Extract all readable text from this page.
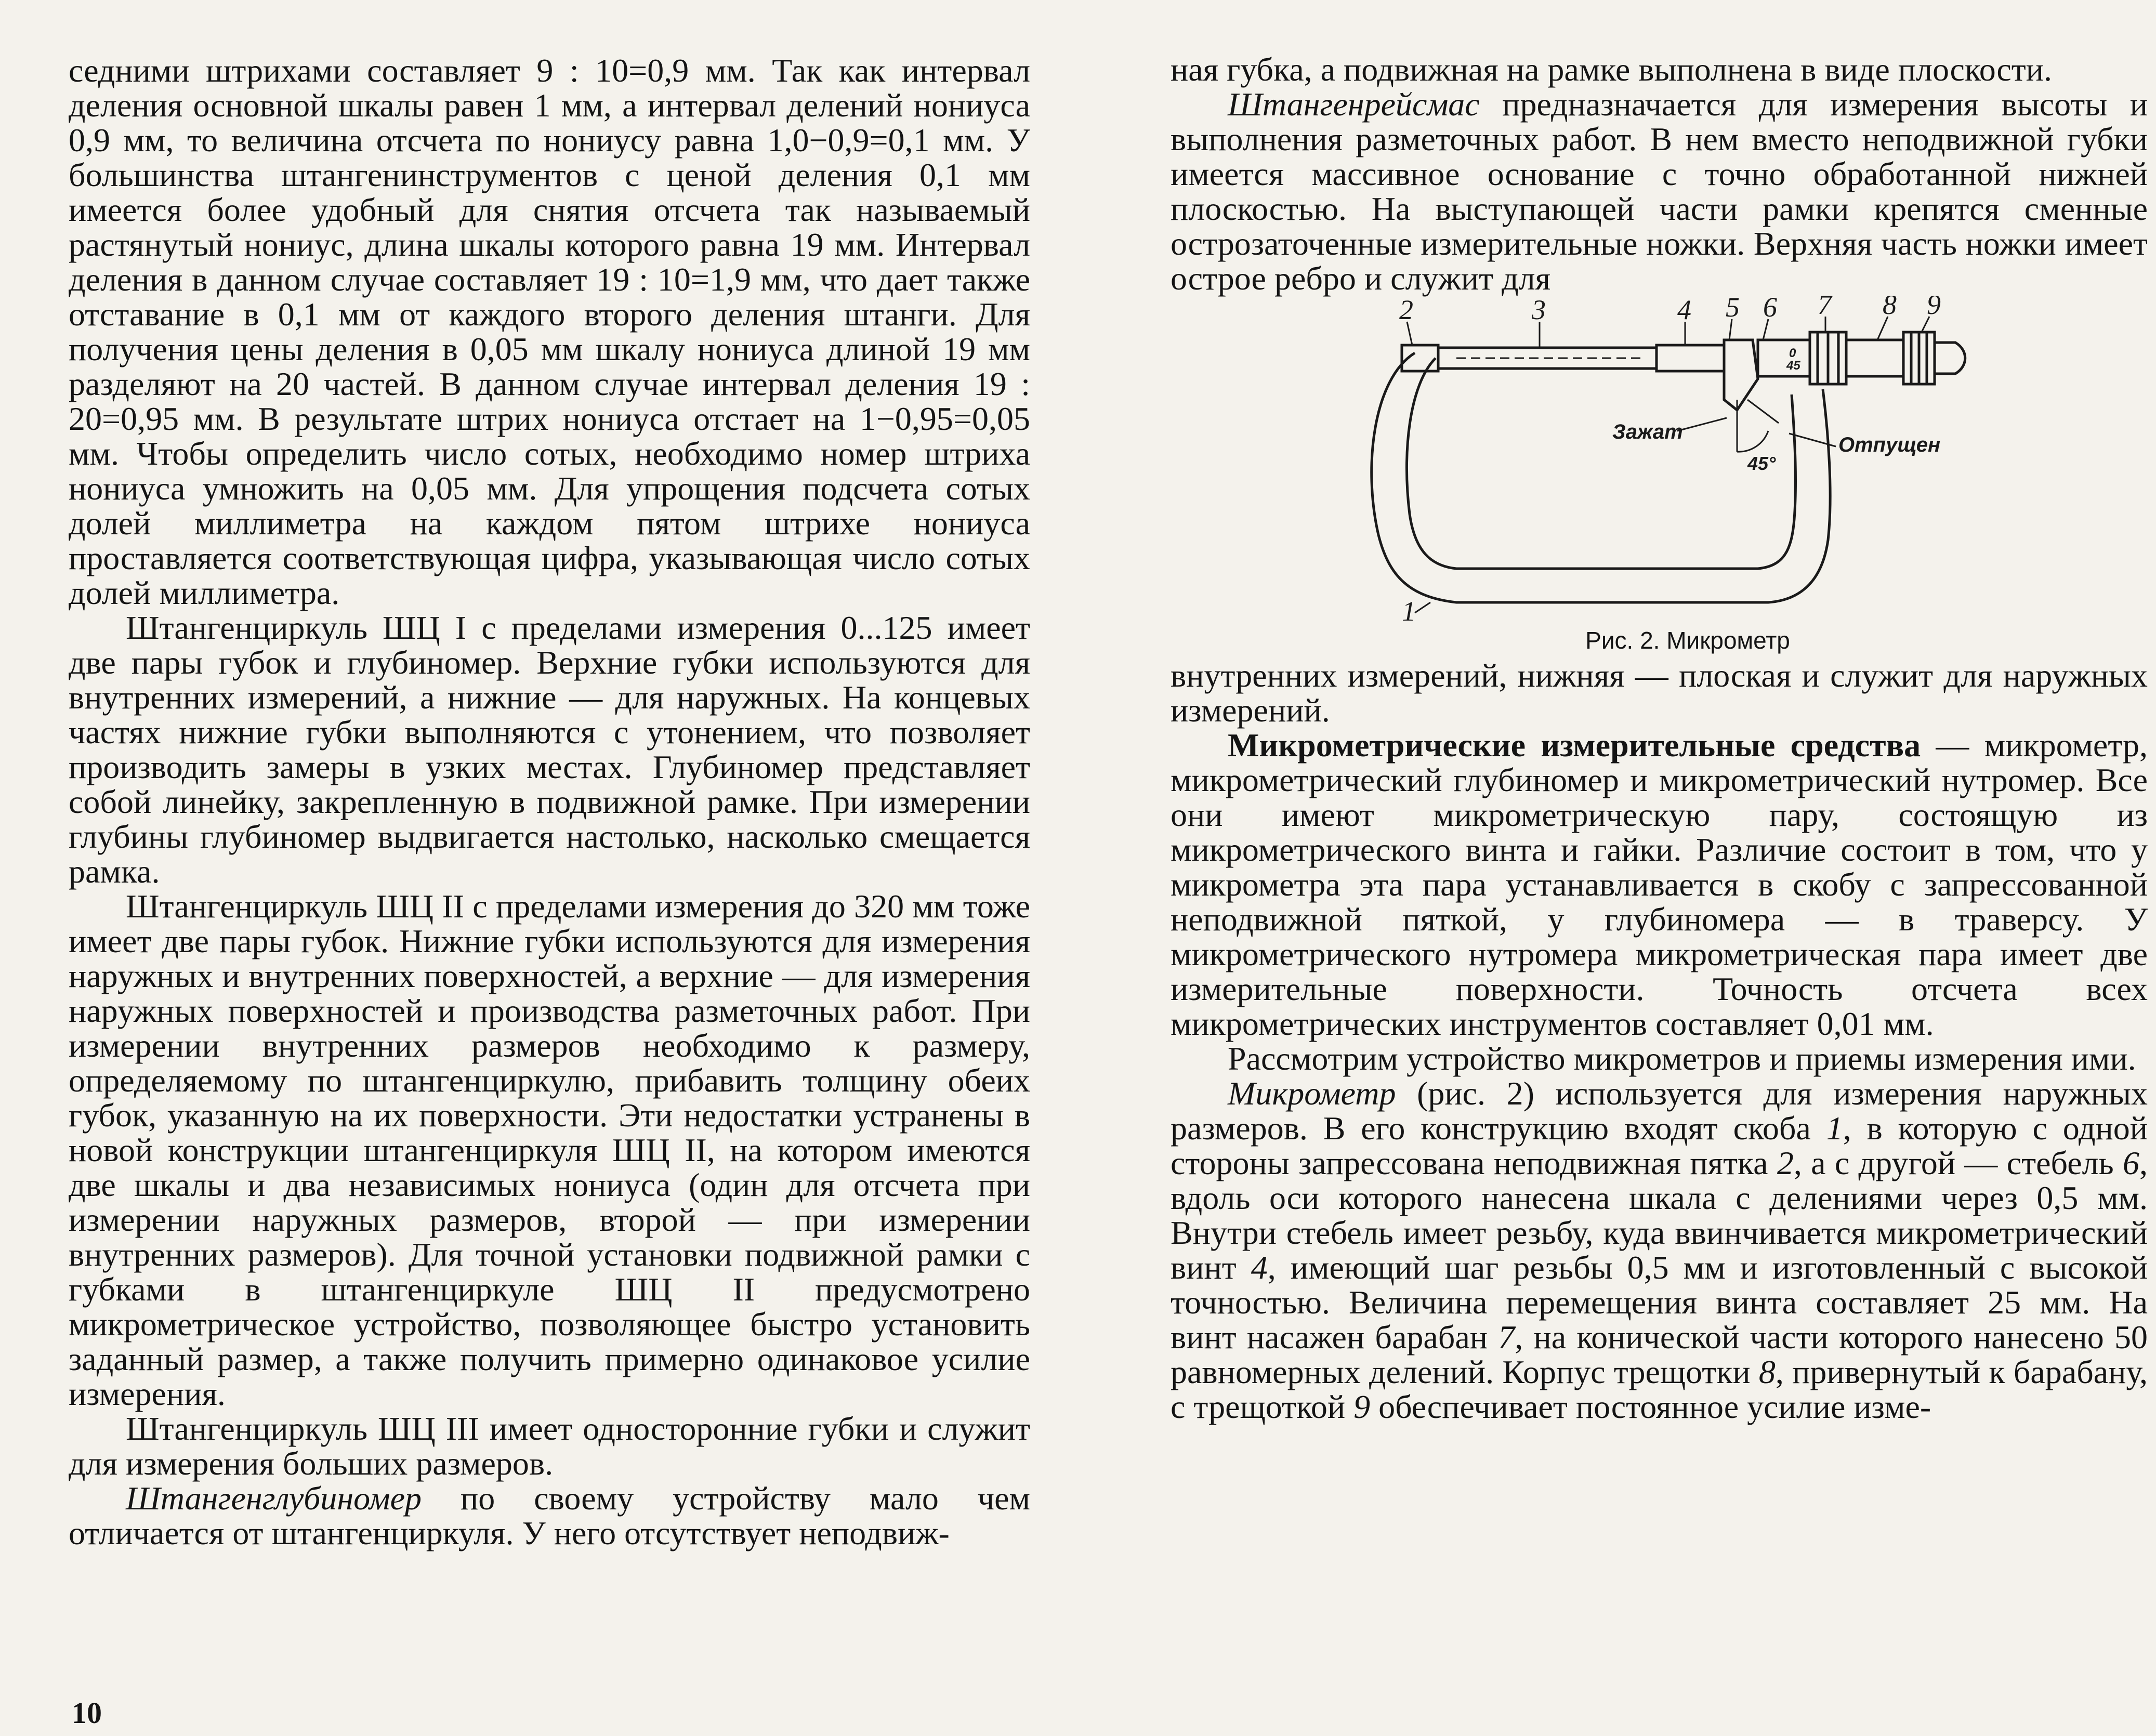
седними штрихами составляет 9 : 10=0,9 мм. Так как интервал деления основной шкалы равен 1 мм, а интервал делений нониуса 0,9 мм, то величина отсчета по нониусу равна 1,0−0,9=0,1 мм. У большинства штангенинструментов с ценой деления 0,1 мм имеется более удобный для снятия отсчета так называемый растянутый нониус, длина шкалы которого равна 19 мм. Интервал деления в данном случае составляет 19 : 10=1,9 мм, что дает также отставание в 0,1 мм от каждого второго деления штанги. Для получения цены деления в 0,05 мм шкалу нониуса длиной 19 мм разделяют на 20 частей. В данном случае интервал деления 19 : 20=0,95 мм. В результате штрих нониуса отстает на 1−0,95=0,05 мм. Чтобы определить число сотых, необходимо номер штриха нониуса умножить на 0,05 мм. Для упрощения подсчета сотых долей миллиметра на каждом пятом штрихе нониуса проставляется соответствующая цифра, указывающая число сотых долей миллиметра.

Штангенциркуль ШЦ I с пределами измерения 0...125 имеет две пары губок и глубиномер. Верхние губки используются для внутренних измерений, а нижние — для наружных. На концевых частях нижние губки выполняются с утонением, что позволяет производить замеры в узких местах. Глубиномер представляет собой линейку, закрепленную в подвижной рамке. При измерении глубины глубиномер выдвигается настолько, насколько смещается рамка.

Штангенциркуль ШЦ II с пределами измерения до 320 мм тоже имеет две пары губок. Нижние губки используются для измерения наружных и внутренних поверхностей, а верхние — для измерения наружных поверхностей и производства разметочных работ. При измерении внутренних размеров необходимо к размеру, определяемому по штангенциркулю, прибавить толщину обеих губок, указанную на их поверхности. Эти недостатки устранены в новой конструкции штангенциркуля ШЦ II, на котором имеются две шкалы и два независимых нониуса (один для отсчета при измерении наружных размеров, второй — при измерении внутренних размеров). Для точной установки подвижной рамки с губками в штангенциркуле ШЦ II предусмотрено микрометрическое устройство, позволяющее быстро установить заданный размер, а также получить примерно одинаковое усилие измерения.

Штангенциркуль ШЦ III имеет односторонние губки и служит для измерения больших размеров.

Штангенглубиномер по своему устройству мало чем отличается от штангенциркуля. У него отсутствует неподвиж-

10

ная губка, а подвижная на рамке выполнена в виде плоскости.

Штангенрейсмас предназначается для измерения высоты и выполнения разметочных работ. В нем вместо неподвижной губки имеется массивное основание с точно обработанной нижней плоскостью. На выступающей части рамки крепятся сменные острозаточенные измерительные ножки. Верхняя часть ножки имеет острое ребро и служит для

2	3	4 5 6 7 8 9
1
Зажат
Отпущен
45°
0
45

Рис. 2. Микрометр

внутренних измерений, нижняя — плоская и служит для наружных измерений.

Микрометрические измерительные средства — микрометр, микрометрический глубиномер и микрометрический нутромер. Все они имеют микрометрическую пару, состоящую из микрометрического винта и гайки. Различие состоит в том, что у микрометра эта пара устанавливается в скобу с запрессованной неподвижной пяткой, у глубиномера — в траверсу. У микрометрического нутромера микрометрическая пара имеет две измерительные поверхности. Точность отсчета всех микрометрических инструментов составляет 0,01 мм.

Рассмотрим устройство микрометров и приемы измерения ими.

Микрометр (рис. 2) используется для измерения наружных размеров. В его конструкцию входят скоба 1, в которую с одной стороны запрессована неподвижная пятка 2, а с другой — стебель 6, вдоль оси которого нанесена шкала с делениями через 0,5 мм. Внутри стебель имеет резьбу, куда ввинчивается микрометрический винт 4, имеющий шаг резьбы 0,5 мм и изготовленный с высокой точностью. Величина перемещения винта составляет 25 мм. На винт насажен барабан 7, на конической части которого нанесено 50 равномерных делений. Корпус трещотки 8, привернутый к барабану, с трещоткой 9 обеспечивает постоянное усилие изме-
